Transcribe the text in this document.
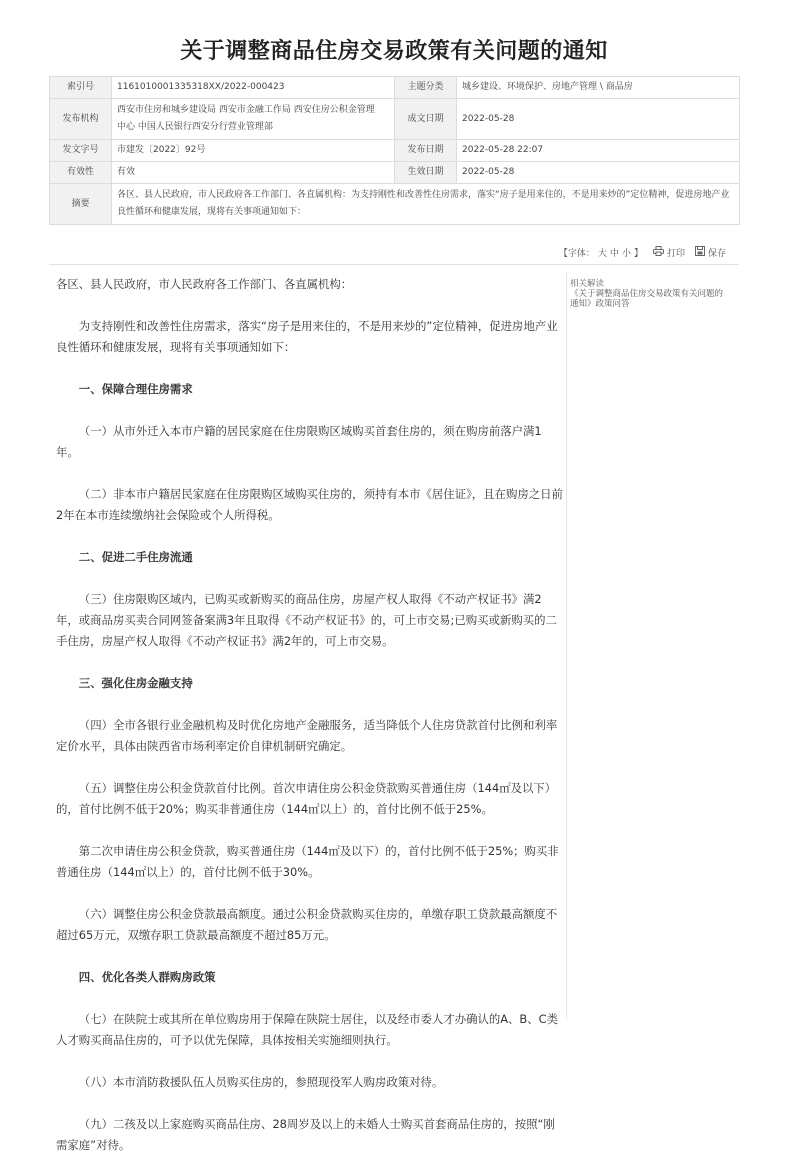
关于调整商品住房交易政策有关问题的通知
索引号	1161010001335318XX/2022-000423	主题分类	城乡建设、环境保护、房地产管理 \ 商品房
发布机构	西安市住房和城乡建设局 西安市金融工作局 西安住房公积金管理
中心 中国人民银行西安分行营业管理部	成文日期	2022-05-28
发文字号	市建发〔2022〕92号	发布日期	2022-05-28 22:07
有效性	有效	生效日期	2022-05-28
摘要	各区、县人民政府，市人民政府各工作部门、各直属机构：为支持刚性和改善性住房需求，落实“房子是用来住的，不是用来炒的”定位精神，促进房地产业
良性循环和健康发展，现将有关事项通知如下：		
【字体： 大 中 小 】	打印	保存

各区、县人民政府，市人民政府各工作部门、各直属机构：

为支持刚性和改善性住房需求，落实“房子是用来住的，不是用来炒的”定位精神，促进房地产业良性循环和健康发展，现将有关事项通知如下：

一、保障合理住房需求

（一）从市外迁入本市户籍的居民家庭在住房限购区域购买首套住房的，须在购房前落户满1年。

（二）非本市户籍居民家庭在住房限购区域购买住房的，须持有本市《居住证》，且在购房之日前2年在本市连续缴纳社会保险或个人所得税。

二、促进二手住房流通

（三）住房限购区域内，已购买或新购买的商品住房，房屋产权人取得《不动产权证书》满2年，或商品房买卖合同网签备案满3年且取得《不动产权证书》的，可上市交易;已购买或新购买的二手住房，房屋产权人取得《不动产权证书》满2年的，可上市交易。

三、强化住房金融支持

（四）全市各银行业金融机构及时优化房地产金融服务，适当降低个人住房贷款首付比例和利率定价水平，具体由陕西省市场利率定价自律机制研究确定。

（五）调整住房公积金贷款首付比例。首次申请住房公积金贷款购买普通住房（144㎡及以下）的，首付比例不低于20%；购买非普通住房（144㎡以上）的，首付比例不低于25%。

第二次申请住房公积金贷款，购买普通住房（144㎡及以下）的，首付比例不低于25%；购买非普通住房（144㎡以上）的，首付比例不低于30%。

（六）调整住房公积金贷款最高额度。通过公积金贷款购买住房的，单缴存职工贷款最高额度不超过65万元，双缴存职工贷款最高额度不超过85万元。

四、优化各类人群购房政策

（七）在陕院士或其所在单位购房用于保障在陕院士居住，以及经市委人才办确认的A、B、C类人才购买商品住房的，可予以优先保障，具体按相关实施细则执行。

（八）本市消防救援队伍人员购买住房的，参照现役军人购房政策对待。

（九）二孩及以上家庭购买商品住房、28周岁及以上的未婚人士购买首套商品住房的，按照“刚需家庭”对待。

相关解读
《关于调整商品住房交易政策有关问题的
通知》政策问答
